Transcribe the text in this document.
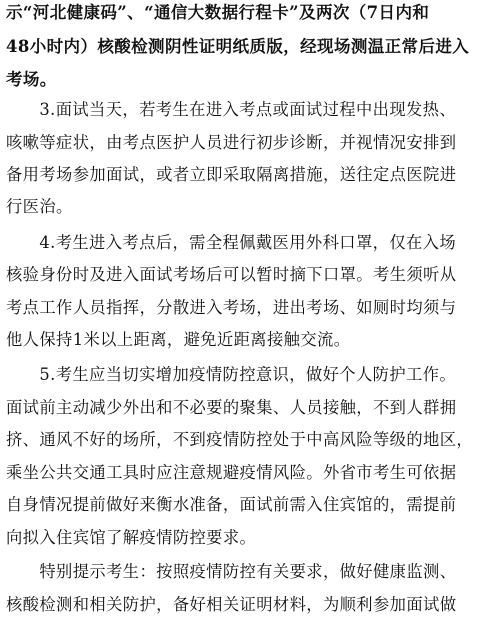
示“河北健康码”、“通信大数据行程卡”及两次（7日内和
48小时内）核酸检测阴性证明纸质版，经现场测温正常后进入
考场。
　　3.面试当天，若考生在进入考点或面试过程中出现发热、
咳嗽等症状，由考点医护人员进行初步诊断，并视情况安排到
备用考场参加面试，或者立即采取隔离措施，送往定点医院进
行医治。
　　4.考生进入考点后，需全程佩戴医用外科口罩，仅在入场
核验身份时及进入面试考场后可以暂时摘下口罩。考生须听从
考点工作人员指挥，分散进入考场，进出考场、如厕时均须与
他人保持1米以上距离，避免近距离接触交流。
　　5.考生应当切实增加疫情防控意识，做好个人防护工作。
面试前主动减少外出和不必要的聚集、人员接触，不到人群拥
挤、通风不好的场所，不到疫情防控处于中高风险等级的地区，
乘坐公共交通工具时应注意规避疫情风险。外省市考生可依据
自身情况提前做好来衡水准备，面试前需入住宾馆的，需提前
向拟入住宾馆了解疫情防控要求。
　　特别提示考生：按照疫情防控有关要求，做好健康监测、
核酸检测和相关防护，备好相关证明材料，为顺利参加面试做
